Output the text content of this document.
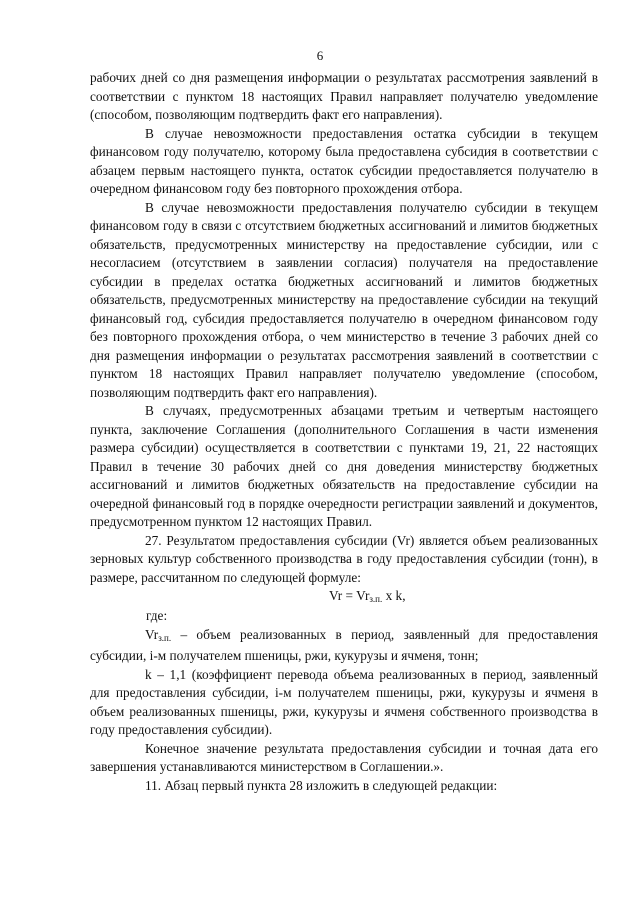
6

рабочих дней со дня размещения информации о результатах рассмотрения заявлений в соответствии с пунктом 18 настоящих Правил направляет получателю уведомление (способом, позволяющим подтвердить факт его направления).

В случае невозможности предоставления остатка субсидии в текущем финансовом году получателю, которому была предоставлена субсидия в соответствии с абзацем первым настоящего пункта, остаток субсидии предоставляется получателю в очередном финансовом году без повторного прохождения отбора.

В случае невозможности предоставления получателю субсидии в текущем финансовом году в связи с отсутствием бюджетных ассигнований и лимитов бюджетных обязательств, предусмотренных министерству на предоставление субсидии, или с несогласием (отсутствием в заявлении согласия) получателя на предоставление субсидии в пределах остатка бюджетных ассигнований и лимитов бюджетных обязательств, предусмотренных министерству на предоставление субсидии на текущий финансовый год, субсидия предоставляется получателю в очередном финансовом году без повторного прохождения отбора, о чем министерство в течение 3 рабочих дней со дня размещения информации о результатах рассмотрения заявлений в соответствии с пунктом 18 настоящих Правил направляет получателю уведомление (способом, позволяющим подтвердить факт его направления).

В случаях, предусмотренных абзацами третьим и четвертым настоящего пункта, заключение Соглашения (дополнительного Соглашения в части изменения размера субсидии) осуществляется в соответствии с пунктами 19, 21, 22 настоящих Правил в течение 30 рабочих дней со дня доведения министерству бюджетных ассигнований и лимитов бюджетных обязательств на предоставление субсидии на очередной финансовый год в порядке очередности регистрации заявлений и документов, предусмотренном пунктом 12 настоящих Правил.

27. Результатом предоставления субсидии (Vr) является объем реализованных зерновых культур собственного производства в году предоставления субсидии (тонн), в размере, рассчитанном по следующей формуле:

$Vr = Vr_{з.п.}$ x k,

где:

$Vr_{з.п.}$ – объем реализованных в период, заявленный для предоставления субсидии, i-м получателем пшеницы, ржи, кукурузы и ячменя, тонн;

k – 1,1 (коэффициент перевода объема реализованных в период, заявленный для предоставления субсидии, i-м получателем пшеницы, ржи, кукурузы и ячменя в объем реализованных пшеницы, ржи, кукурузы и ячменя собственного производства в году предоставления субсидии).

Конечное значение результата предоставления субсидии и точная дата его завершения устанавливаются министерством в Соглашении.».

11. Абзац первый пункта 28 изложить в следующей редакции:
